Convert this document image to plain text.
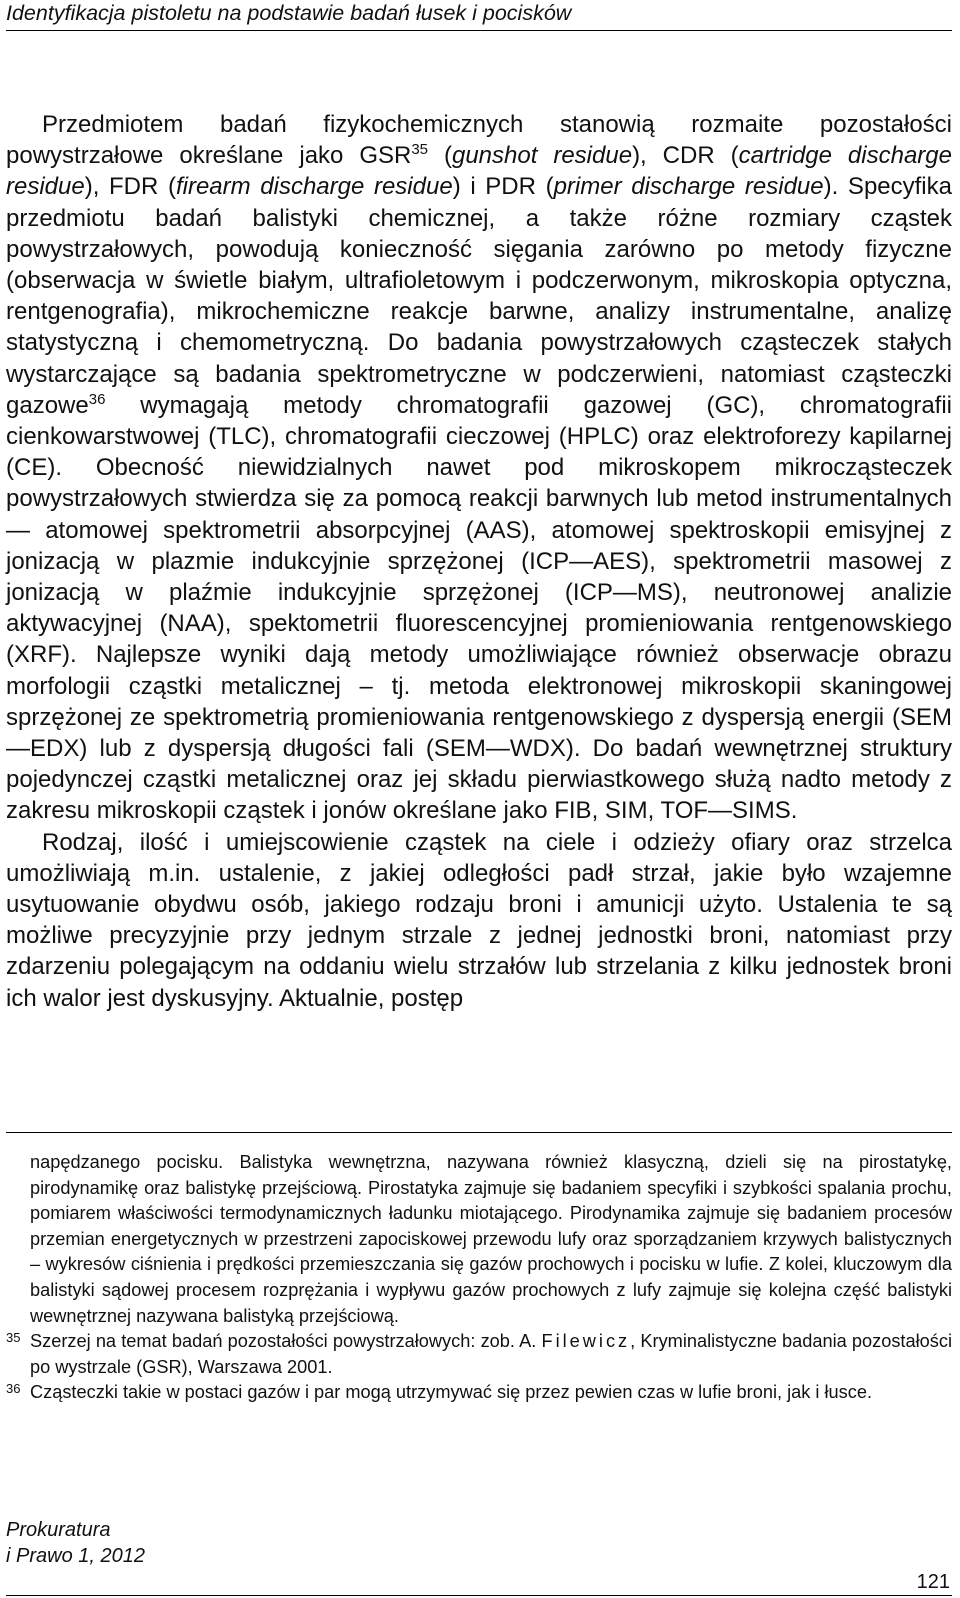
Identyfikacja pistoletu na podstawie badań łusek i pocisków

Przedmiotem badań fizykochemicznych stanowią rozmaite pozostałości powystrzałowe określane jako GSR$^{35}$ (gunshot residue), CDR (cartridge discharge residue), FDR (firearm discharge residue) i PDR (primer discharge residue). Specyfika przedmiotu badań balistyki chemicznej, a także różne rozmiary cząstek powystrzałowych, powodują konieczność sięgania zarówno po metody fizyczne (obserwacja w świetle białym, ultrafioletowym i podczerwonym, mikroskopia optyczna, rentgenografia), mikrochemiczne reakcje barwne, analizy instrumentalne, analizę statystyczną i chemometryczną. Do badania powystrzałowych cząsteczek stałych wystarczające są badania spektrometryczne w podczerwieni, natomiast cząsteczki gazowe$^{36}$ wymagają metody chromatografii gazowej (GC), chromatografii cienkowarstwowej (TLC), chromatografii cieczowej (HPLC) oraz elektroforezy kapilarnej (CE). Obecność niewidzialnych nawet pod mikroskopem mikrocząsteczek powystrzałowych stwierdza się za pomocą reakcji barwnych lub metod instrumentalnych — atomowej spektrometrii absorpcyjnej (AAS), atomowej spektroskopii emisyjnej z jonizacją w plazmie indukcyjnie sprzężonej (ICP—AES), spektrometrii masowej z jonizacją w plaźmie indukcyjnie sprzężonej (ICP—MS), neutronowej analizie aktywacyjnej (NAA), spektometrii fluorescencyjnej promieniowania rentgenowskiego (XRF). Najlepsze wyniki dają metody umożliwiające również obserwacje obrazu morfologii cząstki metalicznej – tj. metoda elektronowej mikroskopii skaningowej sprzężonej ze spektrometrią promieniowania rentgenowskiego z dyspersją energii (SEM—EDX) lub z dyspersją długości fali (SEM—WDX). Do badań wewnętrznej struktury pojedynczej cząstki metalicznej oraz jej składu pierwiastkowego służą nadto metody z zakresu mikroskopii cząstek i jonów określane jako FIB, SIM, TOF—SIMS.

Rodzaj, ilość i umiejscowienie cząstek na ciele i odzieży ofiary oraz strzelca umożliwiają m.in. ustalenie, z jakiej odległości padł strzał, jakie było wzajemne usytuowanie obydwu osób, jakiego rodzaju broni i amunicji użyto. Ustalenia te są możliwe precyzyjnie przy jednym strzale z jednej jednostki broni, natomiast przy zdarzeniu polegającym na oddaniu wielu strzałów lub strzelania z kilku jednostek broni ich walor jest dyskusyjny. Aktualnie, postęp

napędzanego pocisku. Balistyka wewnętrzna, nazywana również klasyczną, dzieli się na pirostatykę, pirodynamikę oraz balistykę przejściową. Pirostatyka zajmuje się badaniem specyfiki i szybkości spalania prochu, pomiarem właściwości termodynamicznych ładunku miotającego. Pirodynamika zajmuje się badaniem procesów przemian energetycznych w przestrzeni zapociskowej przewodu lufy oraz sporządzaniem krzywych balistycznych – wykresów ciśnienia i prędkości przemieszczania się gazów prochowych i pocisku w lufie. Z kolei, kluczowym dla balistyki sądowej procesem rozprężania i wypływu gazów prochowych z lufy zajmuje się kolejna część balistyki wewnętrznej nazywana balistyką przejściową.

35 Szerzej na temat badań pozostałości powystrzałowych: zob. A. Filewicz, Kryminalistyczne badania pozostałości po wystrzale (GSR), Warszawa 2001.

36 Cząsteczki takie w postaci gazów i par mogą utrzymywać się przez pewien czas w lufie broni, jak i łusce.

Prokuratura
i Prawo 1, 2012
121
